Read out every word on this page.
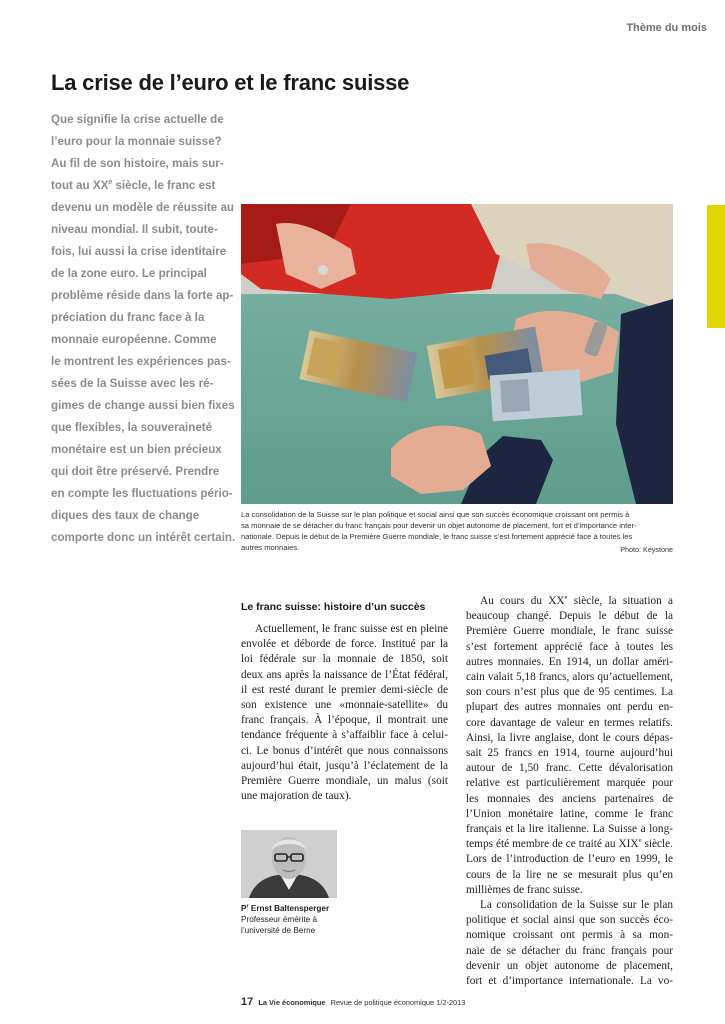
Thème du mois
La crise de l’euro et le franc suisse
Que signifie la crise actuelle de
l’euro pour la monnaie suisse?
Au fil de son histoire, mais sur-
tout au XXe siècle, le franc est
devenu un modèle de réussite au
niveau mondial. Il subit, toute-
fois, lui aussi la crise identitaire
de la zone euro. Le principal
problème réside dans la forte ap-
préciation du franc face à la
monnaie européenne. Comme
le montrent les expériences pas-
sées de la Suisse avec les ré-
gimes de change aussi bien fixes
que flexibles, la souveraineté
monétaire est un bien précieux
qui doit être préservé. Prendre
en compte les fluctuations pério-
diques des taux de change
comporte donc un intérêt certain.
La consolidation de la Suisse sur le plan politique et social ainsi que son succès économique croissant ont permis à
sa monnaie de se détacher du franc français pour devenir un objet autonome de placement, fort et d’importance inter-
nationale. Depuis le début de la Première Guerre mondiale, le franc suisse s’est fortement apprécié face à toutes les
autres monnaies.	Photo: Keystone
Le franc suisse: histoire d’un succès
Actuellement, le franc suisse est en pleine
envolée et déborde de force. Institué par la
loi fédérale sur la monnaie de 1850, soit
deux ans après la naissance de l’État fédéral,
il est resté durant le premier demi-siècle de
son existence une «monnaie-satellite» du
franc français. À l’époque, il montrait une
tendance fréquente à s’affaiblir face à celui-
ci. Le bonus d’intérêt que nous connaissons
aujourd’hui était, jusqu’à l’éclatement de la
Première Guerre mondiale, un malus (soit
une majoration de taux).
Au cours du XXe siècle, la situation a
beaucoup changé. Depuis le début de la
Première Guerre mondiale, le franc suisse
s’est fortement apprécié face à toutes les
autres monnaies. En 1914, un dollar améri-
cain valait 5,18 francs, alors qu’actuellement,
son cours n’est plus que de 95 centimes. La
plupart des autres monnaies ont perdu en-
core davantage de valeur en termes relatifs.
Ainsi, la livre anglaise, dont le cours dépas-
sait 25 francs en 1914, tourne aujourd’hui
autour de 1,50 franc. Cette dévalorisation
relative est particulièrement marquée pour
les monnaies des anciens partenaires de
l’Union monétaire latine, comme le franc
français et la lire italienne. La Suisse a long-
temps été membre de ce traité au XIXe siècle.
Lors de l’introduction de l’euro en 1999, le
cours de la lire ne se mesurait plus qu’en
millièmes de franc suisse.
La consolidation de la Suisse sur le plan
politique et social ainsi que son succès éco-
nomique croissant ont permis à sa mon-
naie de se détacher du franc français pour
devenir un objet autonome de placement,
fort et d’importance internationale. La vo-
$P^r$ Ernst Baltensperger
Professeur émérite à
l’université de Berne
17 La Vie économique Revue de politique économique 1/2-2013
